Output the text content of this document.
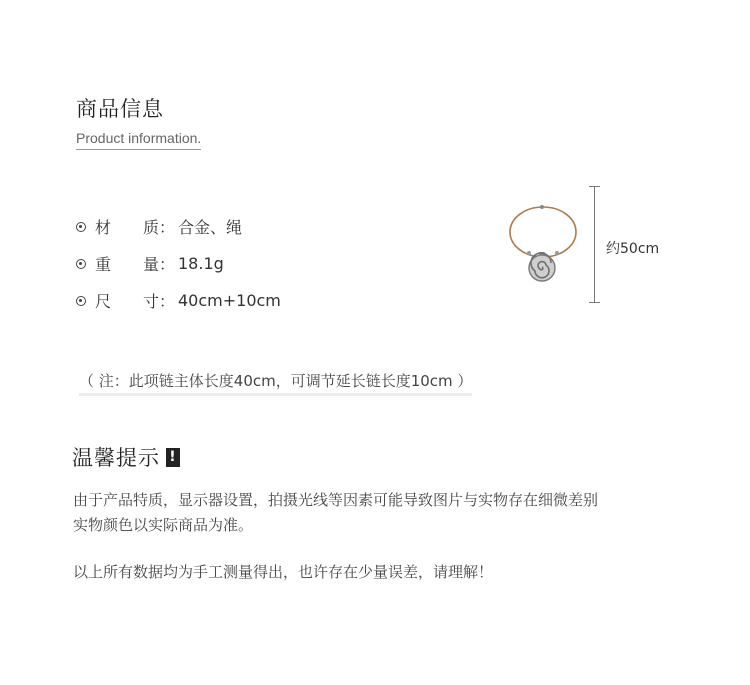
商品信息
Product information.
材 质： 合金、绳
重 量： 18.1g
尺 寸： 40cm+10cm
约50cm
（ 注：此项链主体长度40cm，可调节延长链长度10cm ）
温馨提示 !
由于产品特质，显示器设置，拍摄光线等因素可能导致图片与实物存在细微差别
实物颜色以实际商品为准。
以上所有数据均为手工测量得出，也许存在少量误差，请理解！
